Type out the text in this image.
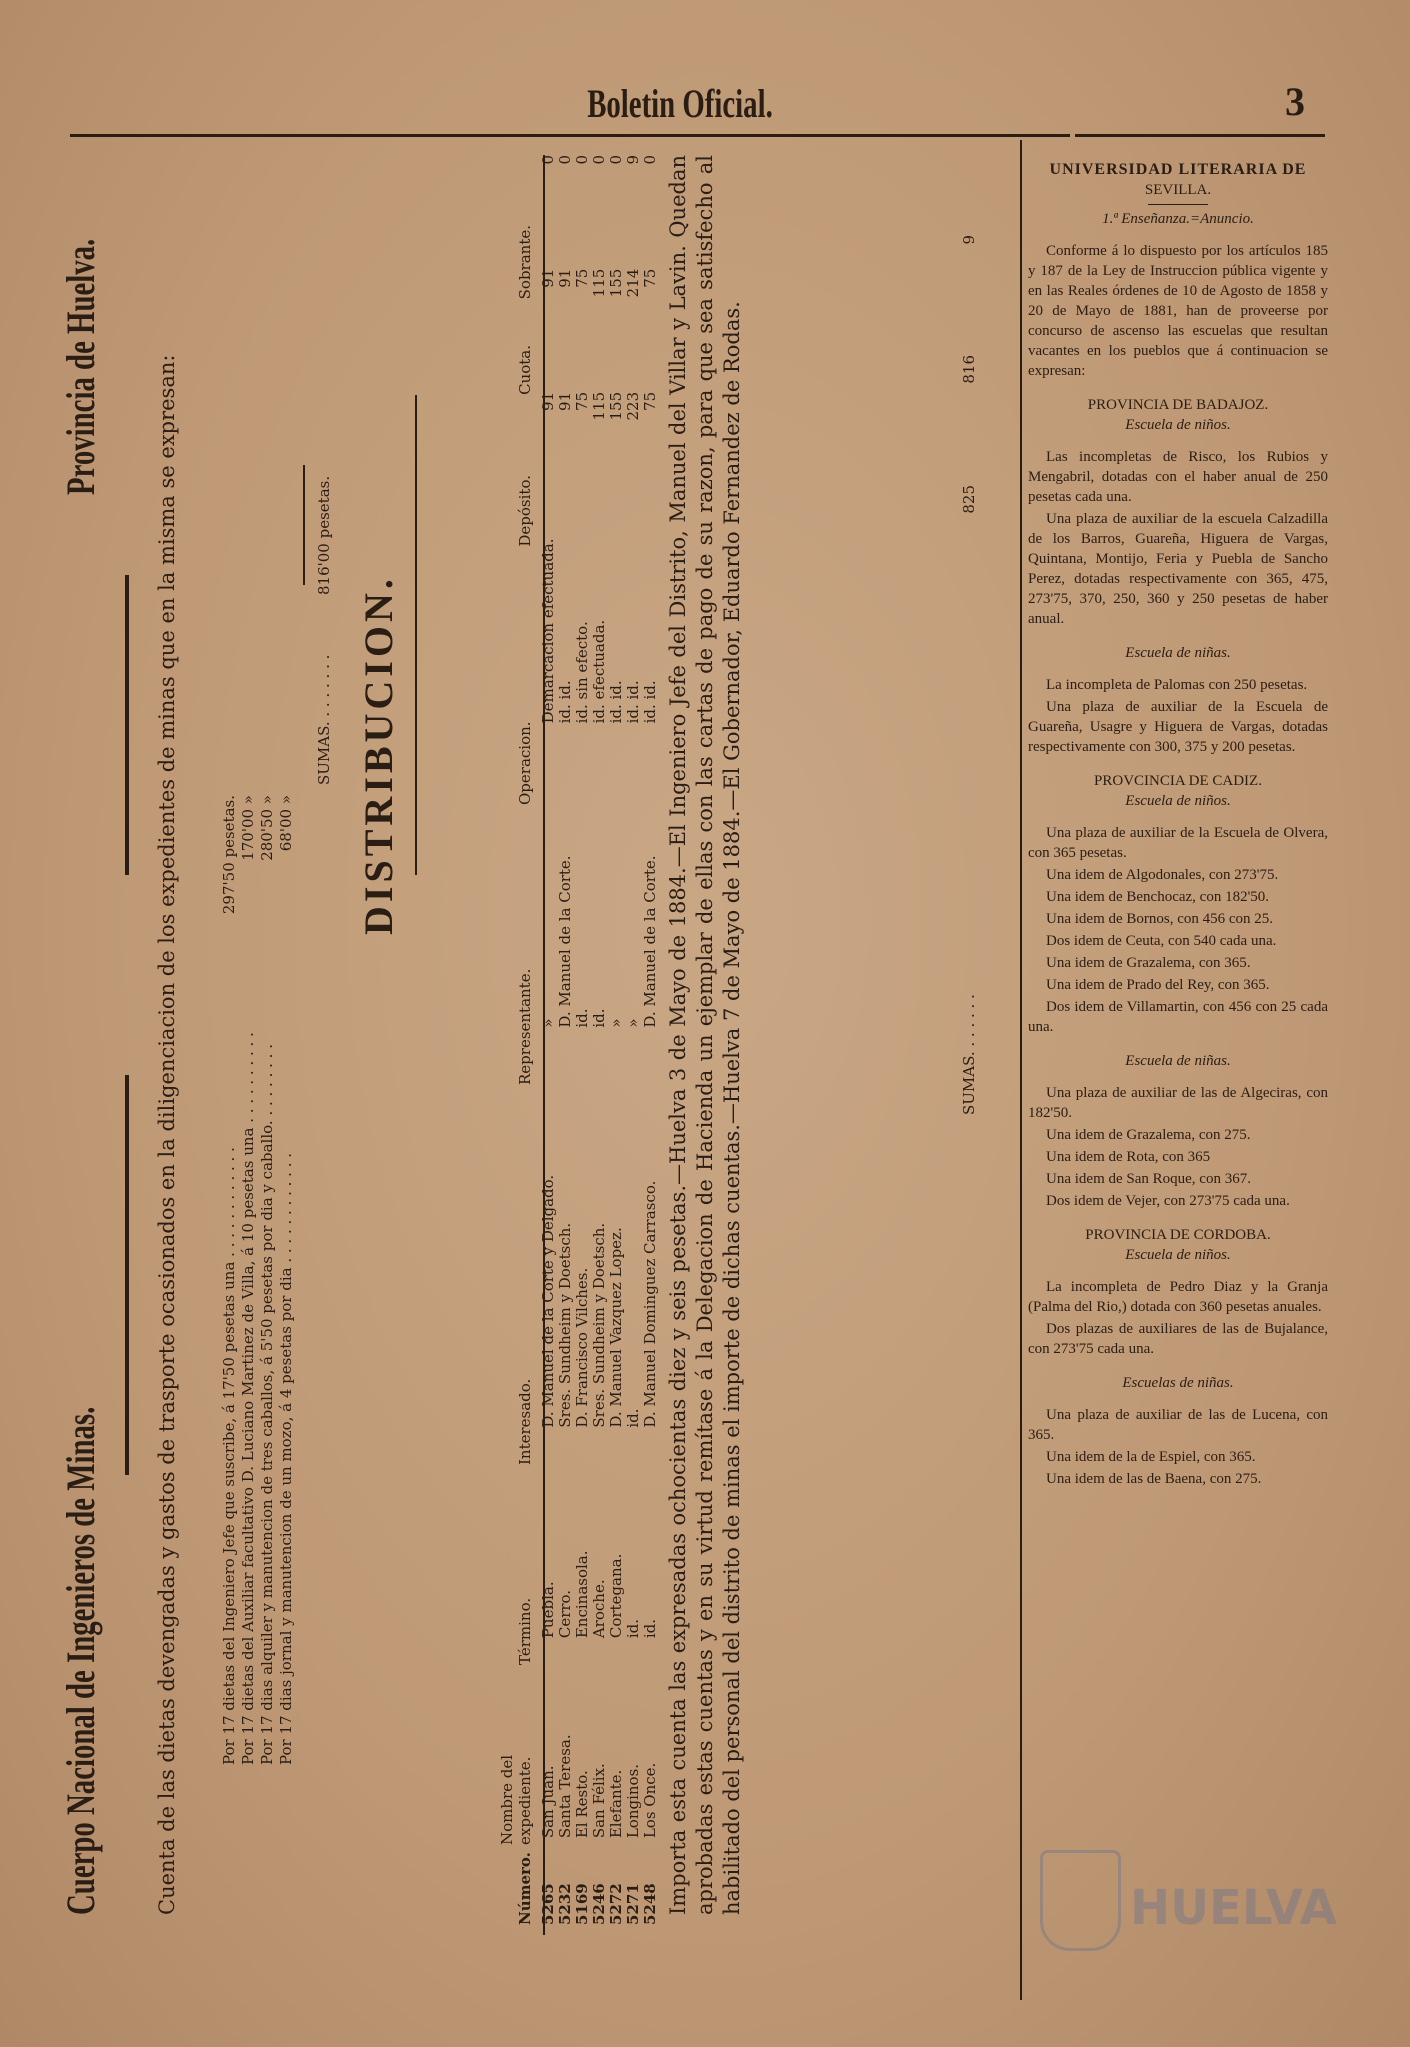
Boletin Oficial.	3
Cuerpo Nacional de Ingenieros de Minas.
Provincia de Huelva. Cuenta de las dietas devengadas y gastos de trasporte ocasionados en la diligenciacion de los expedientes de minas que en la misma se expresan:	Por 17 dietas del Ingeniero Jefe que suscribe, á 17'50 pesetas una . . . . . . . . . . . .
297'50 pesetas.
Por 17 dietas del Auxiliar facultativo D. Luciano Martinez de Villa, á 10 pesetas una . . . . . . . . . .
170'00 »
Por 17 dias alquiler y manutencion de tres caballos, á 5'50 pesetas por dia y caballo. . . . . . . . .
280'50 »
Por 17 dias jornal y manutencion de un mozo, á 4 pesetas por dia . . . . . . . . . . . .
68'00 »
SUMAS. . . . . . . .
816'00 pesetas.
DISTRIBUCION.
Número.
Nombre del expediente.
Término.
Interesado.
Representante.
Operacion.
Depósito.
Cuota.
Sobrante.
5265
San Juan.
Puebla.
D. Manuel de la Corte y Delgado.
»
Demarcacion efectuada.
91
91
0
5232
Santa Teresa.
Cerro.
Sres. Sundheim y Doetsch.
D. Manuel de la Corte.
id. id.
91
91
0
5169
El Resto.
Encinasola.
D. Francisco Vilches.
id.
id. sin efecto.
75
75
0
5246
San Félix.
Aroche.
Sres. Sundheim y Doetsch.
id.
id. efectuada.
115
115
0
5272
Elefante.
Cortegana.
D. Manuel Vazquez Lopez.
»
id. id.
155
155
0
5271
Longinos.
id.
id.
»
id. id.
223
214
9
5248
Los Once.
id.
D. Manuel Dominguez Carrasco.
D. Manuel de la Corte.
id. id.
75
75
0
SUMAS. . . . . . .
825
816
9
Importa esta cuenta las expresadas ochocientas diez y seis pesetas.—Huelva 3 de Mayo de 1884.—El Ingeniero Jefe del Distrito, Manuel del Villar y Lavin. Quedan aprobadas estas cuentas y en su virtud remítase á la Delegacion de Hacienda un ejemplar de ellas con las cartas de pago de su razon, para que sea satisfecho al habilitado del personal del distrito de minas el importe de dichas cuentas.—Huelva 7 de Mayo de 1884.—El Gobernador, Eduardo Fernandez de Rodas.
UNIVERSIDAD LITERARIA DE
SEVILLA.
1.ª Enseñanza.=Anuncio.

Conforme á lo dispuesto por los artículos 185 y 187 de la Ley de Instruccion pública vigente y en las Reales órdenes de 10 de Agosto de 1858 y 20 de Mayo de 1881, han de proveerse por concurso de ascenso las escuelas que resultan vacantes en los pueblos que á continuacion se expresan:

PROVINCIA DE BADAJOZ.
Escuela de niños.

Las incompletas de Risco, los Rubios y Mengabril, dotadas con el haber anual de 250 pesetas cada una.

Una plaza de auxiliar de la escuela Calzadilla de los Barros, Guareña, Higuera de Vargas, Quintana, Montijo, Feria y Puebla de Sancho Perez, dotadas respectivamente con 365, 475, 273'75, 370, 250, 360 y 250 pesetas de haber anual.

Escuela de niñas.

La incompleta de Palomas con 250 pesetas.

Una plaza de auxiliar de la Escuela de Guareña, Usagre y Higuera de Vargas, dotadas respectivamente con 300, 375 y 200 pesetas.

PROVCINCIA DE CADIZ.
Escuela de niños.

Una plaza de auxiliar de la Escuela de Olvera, con 365 pesetas.

Una idem de Algodonales, con 273'75.

Una idem de Benchocaz, con 182'50.

Una idem de Bornos, con 456 con 25.

Dos idem de Ceuta, con 540 cada una.

Una idem de Grazalema, con 365.

Una idem de Prado del Rey, con 365.

Dos idem de Villamartin, con 456 con 25 cada una.

Escuela de niñas.

Una plaza de auxiliar de las de Algeciras, con 182'50.

Una idem de Grazalema, con 275.

Una idem de Rota, con 365

Una idem de San Roque, con 367.

Dos idem de Vejer, con 273'75 cada una.

PROVINCIA DE CORDOBA.
Escuela de niños.

La incompleta de Pedro Diaz y la Granja (Palma del Rio,) dotada con 360 pesetas anuales.

Dos plazas de auxiliares de las de Bujalance, con 273'75 cada una.

Escuelas de niñas.

Una plaza de auxiliar de las de Lucena, con 365.

Una idem de la de Espiel, con 365.

Una idem de las de Baena, con 275.

HUELVA
